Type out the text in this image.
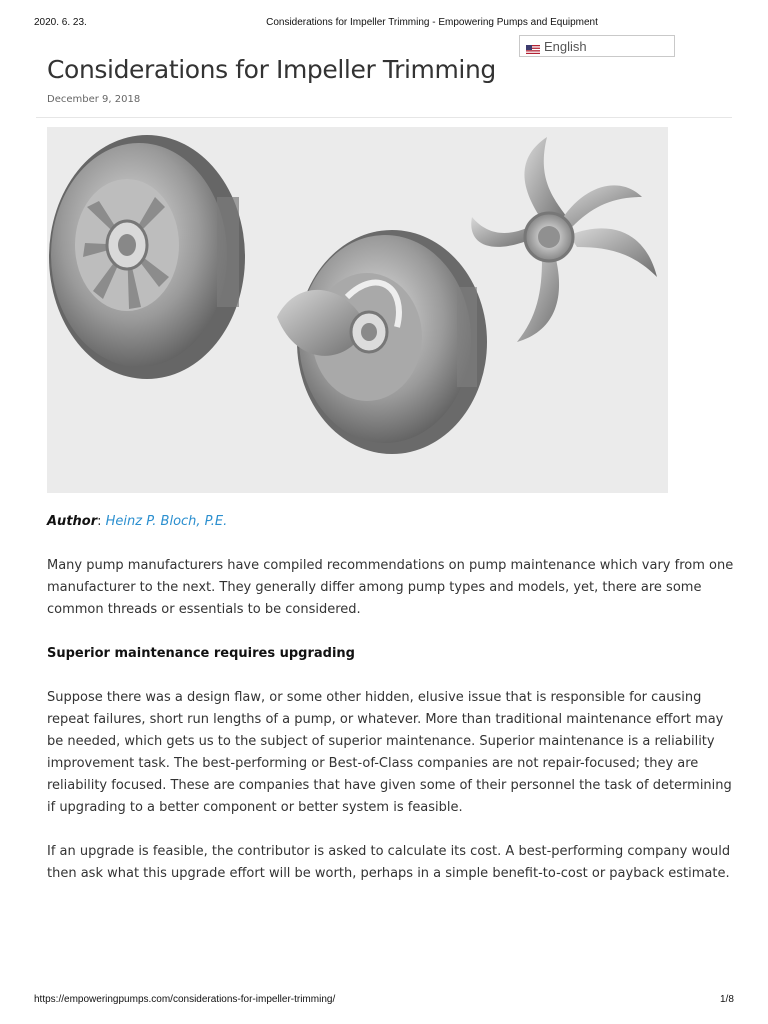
2020. 6. 23.	Considerations for Impeller Trimming - Empowering Pumps and Equipment
English
Considerations for Impeller Trimming
December 9, 2018

Author: Heinz P. Bloch, P.E.

Many pump manufacturers have compiled recommendations on pump maintenance which vary from one manufacturer to the next. They generally differ among pump types and models, yet, there are some common threads or essentials to be considered.

Superior maintenance requires upgrading

Suppose there was a design flaw, or some other hidden, elusive issue that is responsible for causing repeat failures, short run lengths of a pump, or whatever. More than traditional maintenance effort may be needed, which gets us to the subject of superior maintenance. Superior maintenance is a reliability improvement task. The best-performing or Best-of-Class companies are not repair-focused; they are reliability focused. These are companies that have given some of their personnel the task of determining if upgrading to a better component or better system is feasible.

If an upgrade is feasible, the contributor is asked to calculate its cost. A best-performing company would then ask what this upgrade effort will be worth, perhaps in a simple benefit-to-cost or payback estimate.

https://empoweringpumps.com/considerations-for-impeller-trimming/	1/8
